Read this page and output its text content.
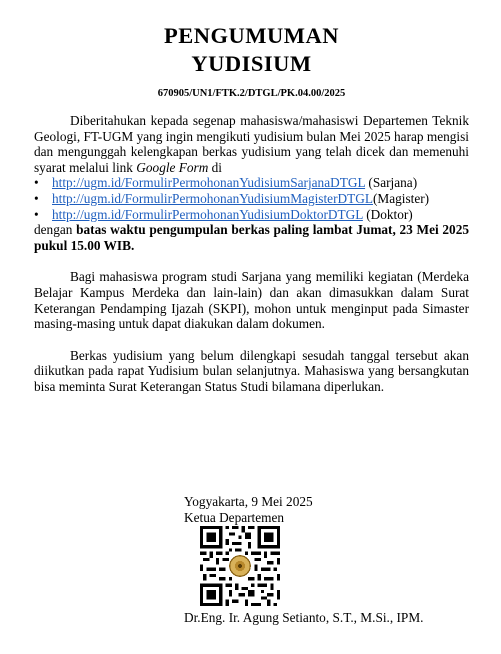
PENGUMUMAN
YUDISIUM
670905/UN1/FTK.2/DTGL/PK.04.00/2025

Diberitahukan kepada segenap mahasiswa/mahasiswi Departemen Teknik Geologi, FT-UGM yang ingin mengikuti yudisium bulan Mei 2025 harap mengisi dan mengunggah kelengkapan berkas yudisium yang telah dicek dan memenuhi syarat melalui link Google Form di

• http://ugm.id/FormulirPermohonanYudisiumSarjanaDTGL (Sarjana)
• http://ugm.id/FormulirPermohonanYudisiumMagisterDTGL(Magister)
• http://ugm.id/FormulirPermohonanYudisiumDoktorDTGL (Doktor)

dengan batas waktu pengumpulan berkas paling lambat Jumat, 23 Mei 2025 pukul 15.00 WIB.

Bagi mahasiswa program studi Sarjana yang memiliki kegiatan (Merdeka Belajar Kampus Merdeka dan lain-lain) dan akan dimasukkan dalam Surat Keterangan Pendamping Ijazah (SKPI), mohon untuk menginput pada Simaster masing-masing untuk dapat diakukan dalam dokumen.

Berkas yudisium yang belum dilengkapi sesudah tanggal tersebut akan diikutkan pada rapat Yudisium bulan selanjutnya. Mahasiswa yang bersangkutan bisa meminta Surat Keterangan Status Studi bilamana diperlukan.

Yogyakarta, 9 Mei 2025
Ketua Departemen
Dr.Eng. Ir. Agung Setianto, S.T., M.Si., IPM.
